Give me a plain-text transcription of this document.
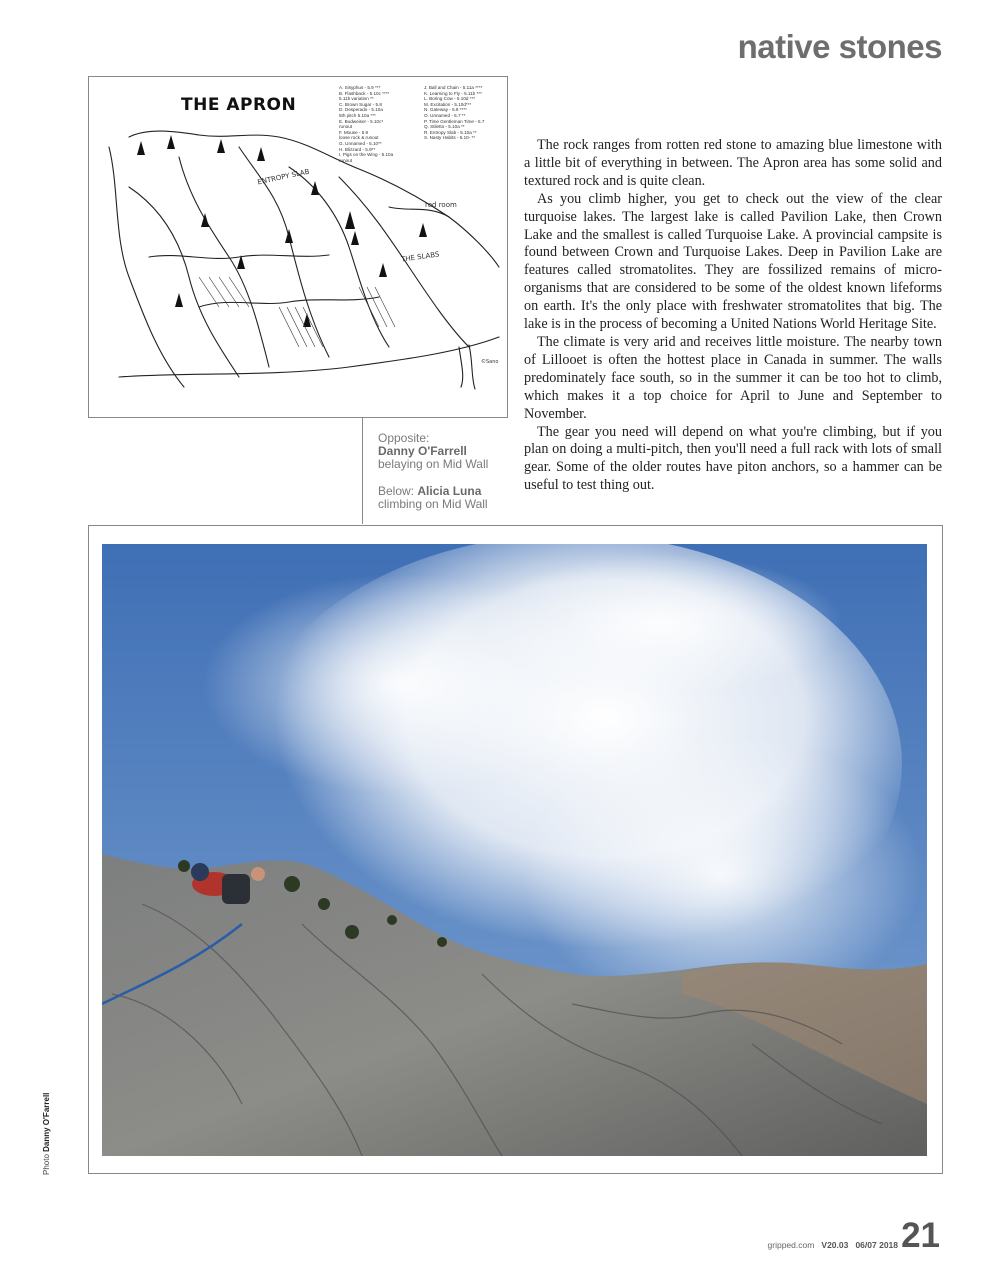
native stones
THE APRON
A. Sisyphus - 5.9 ***
B. Flashback - 5.10c ****
5.11b variation **
C. Brown Sugar - 5.8
D. Desperado - 5.10a
5th pitch 5.10a ***
E. Budweiser - 5.10c*
runout
F. Mouse - 5.9
loose rock & runout
G. Unnamed - 5.10**
H. Blizzard - 5.9**
I. Pigs on the Wing - 5.10a
runout
J. Ball and Chain - 5.11a ****
K. Learning to Fly - 5.11b ***
L. Boring Cow - 5.10d ***
M. Excitation - 5.10d***
N. Gateway - 5.9 ****
O. Unnamed - 5.7 **
P. Time Gentleman Time - 5.7
Q. Stiletto - 5.10a **
R. Entropy Slab - 5.10a **
S. Nasty Habits - 5.10- **
ENTROPY SLAB
THE SLABS
red room
©Sano

Opposite:
Danny O'Farrell
belaying on Mid Wall

Below: Alicia Luna
climbing on Mid Wall

The rock ranges from rotten red stone to amazing blue limestone with a little bit of everything in between. The Apron area has some solid and textured rock and is quite clean.

As you climb higher, you get to check out the view of the clear turquoise lakes. The largest lake is called Pavilion Lake, then Crown Lake and the smallest is called Turquoise Lake. A provincial campsite is found between Crown and Turquoise Lakes. Deep in Pavilion Lake are features called stromatolites. They are fossilized remains of micro-organisms that are considered to be some of the oldest known lifeforms on earth. It's the only place with freshwater stromatolites that big. The lake is in the process of becoming a United Nations World Heritage Site.

The climate is very arid and receives little moisture. The nearby town of Lillooet is often the hottest place in Canada in summer. The walls predominately face south, so in the summer it can be too hot to climb, which makes it a top choice for April to June and September to November.

The gear you need will depend on what you're climbing, but if you plan on doing a multi-pitch, then you'll need a full rack with lots of small gear. Some of the older routes have piton anchors, so a hammer can be useful to test thing out.

Photo Danny O'Farrell
gripped.com V20.03 06/07 2018 21
